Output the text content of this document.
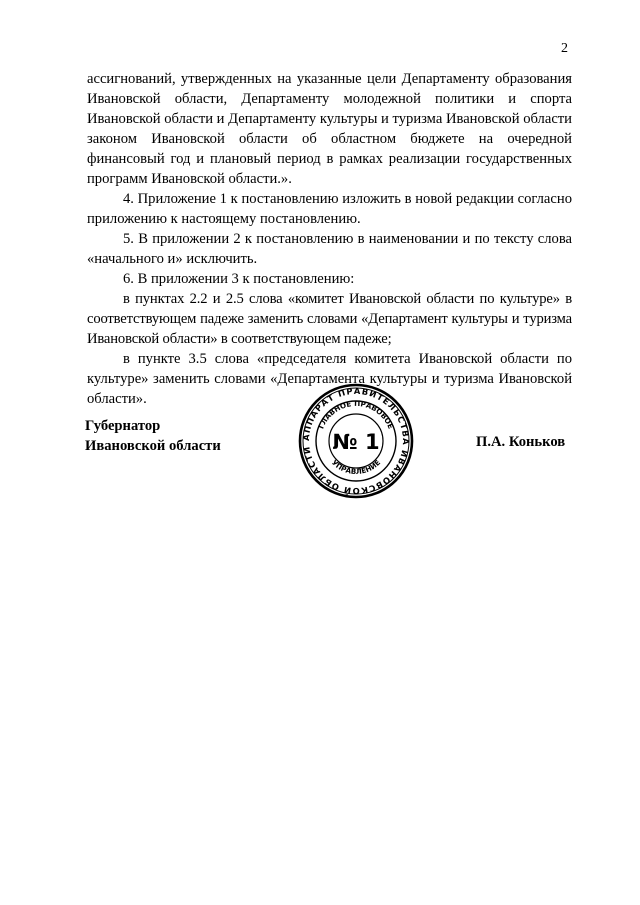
2

ассигнований, утвержденных на указанные цели Департаменту образования Ивановской области, Департаменту молодежной политики и спорта Ивановской области и Департаменту культуры и туризма Ивановской области законом Ивановской области об областном бюджете на очередной финансовый год и плановый период в рамках реализации государственных программ Ивановской области.».

4. Приложение 1 к постановлению изложить в новой редакции согласно приложению к настоящему постановлению.

5. В приложении 2 к постановлению в наименовании и по тексту слова «начального и» исключить.

6. В приложении 3 к постановлению:

в пунктах 2.2 и 2.5 слова «комитет Ивановской области по культуре» в соответствующем падеже заменить словами «Департамент культуры и туризма Ивановской области» в соответствующем падеже;

в пункте 3.5 слова «председателя комитета Ивановской области по культуре» заменить словами «Департамента культуры и туризма Ивановской области».

Губернатор
Ивановской области
АППАРАТ ПРАВИТЕЛЬСТВА ИВАНОВСКОЙ ОБЛАСТИ
ГЛАВНОЕ ПРАВОВОЕ
УПРАВЛЕНИЕ
№ 1	П.А. Коньков
